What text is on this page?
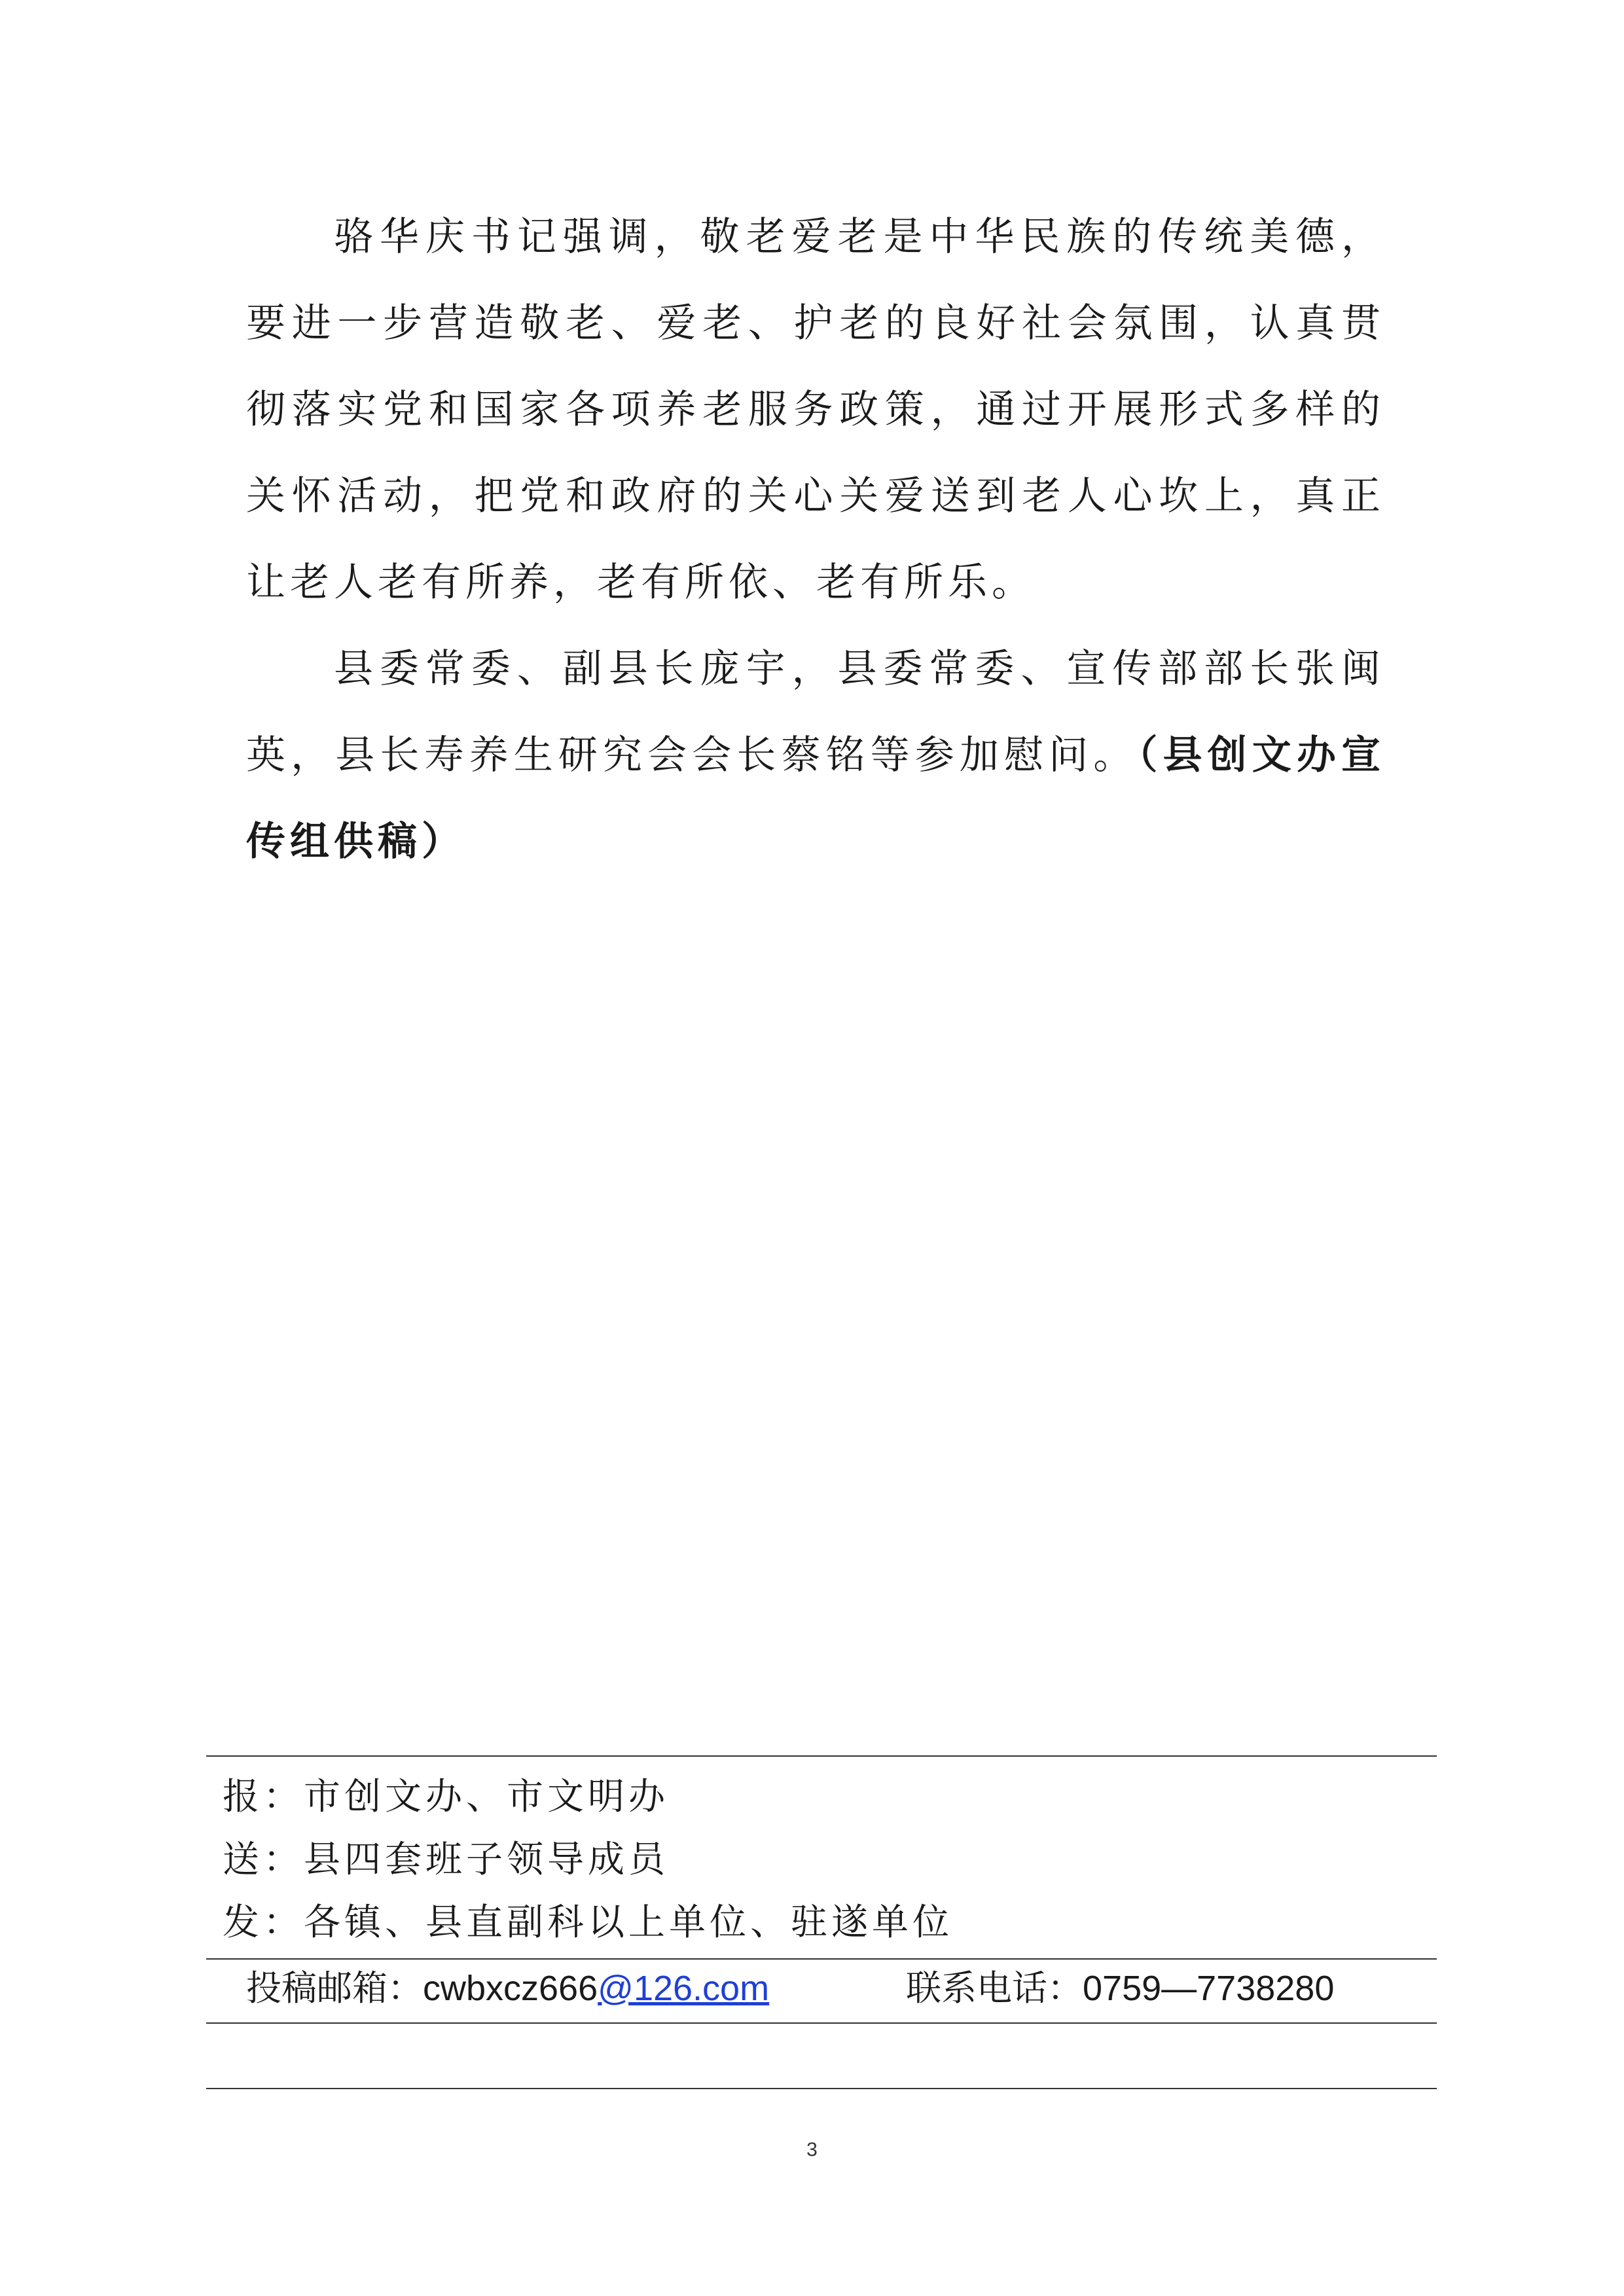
骆华庆书记强调，敬老爱老是中华民族的传统美德，要进一步营造敬老、爱老、护老的良好社会氛围，认真贯彻落实党和国家各项养老服务政策，通过开展形式多样的关怀活动，把党和政府的关心关爱送到老人心坎上，真正让老人老有所养，老有所依、老有所乐。

县委常委、副县长庞宇，县委常委、宣传部部长张闽英，县长寿养生研究会会长蔡铭等参加慰问。（县创文办宣传组供稿）

报：市创文办、市文明办
送：县四套班子领导成员
发：各镇、县直副科以上单位、驻遂单位
投稿邮箱：cwbxcz666@126.com	联系电话：0759—7738280
3
